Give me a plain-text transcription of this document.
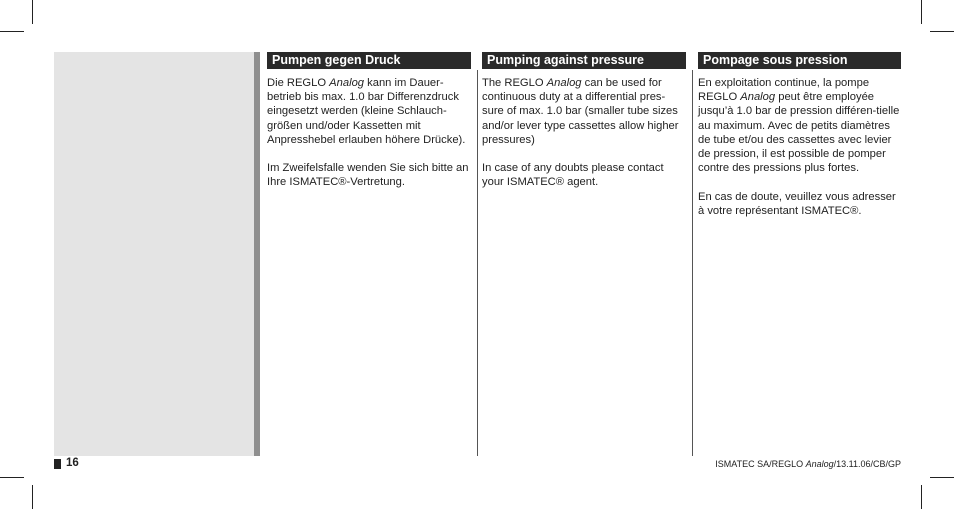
Pumpen gegen Druck

Die REGLO Analog kann im Dauer-betrieb bis max. 1.0 bar Differenzdruck eingesetzt werden (kleine Schlauch-größen und/oder Kassetten mit Anpresshebel erlauben höhere Drücke).

Im Zweifelsfalle wenden Sie sich bitte an Ihre ISMATEC®-Vertretung.

Pumping against pressure

The REGLO Analog can be used for continuous duty at a differential pres-sure of max. 1.0 bar (smaller tube sizes and/or lever type cassettes allow higher pressures)

In case of any doubts please contact your ISMATEC® agent.

Pompage sous pression

En exploitation continue, la pompe REGLO Analog peut être employée jusqu’à 1.0 bar de pression différen-tielle au maximum. Avec de petits diamètres de tube et/ou des cassettes avec levier de pression, il est possible de pomper contre des pressions plus fortes.

En cas de doute, veuillez vous adresser à votre représentant ISMATEC®.

16	ISMATEC SA/REGLO Analog/13.11.06/CB/GP
